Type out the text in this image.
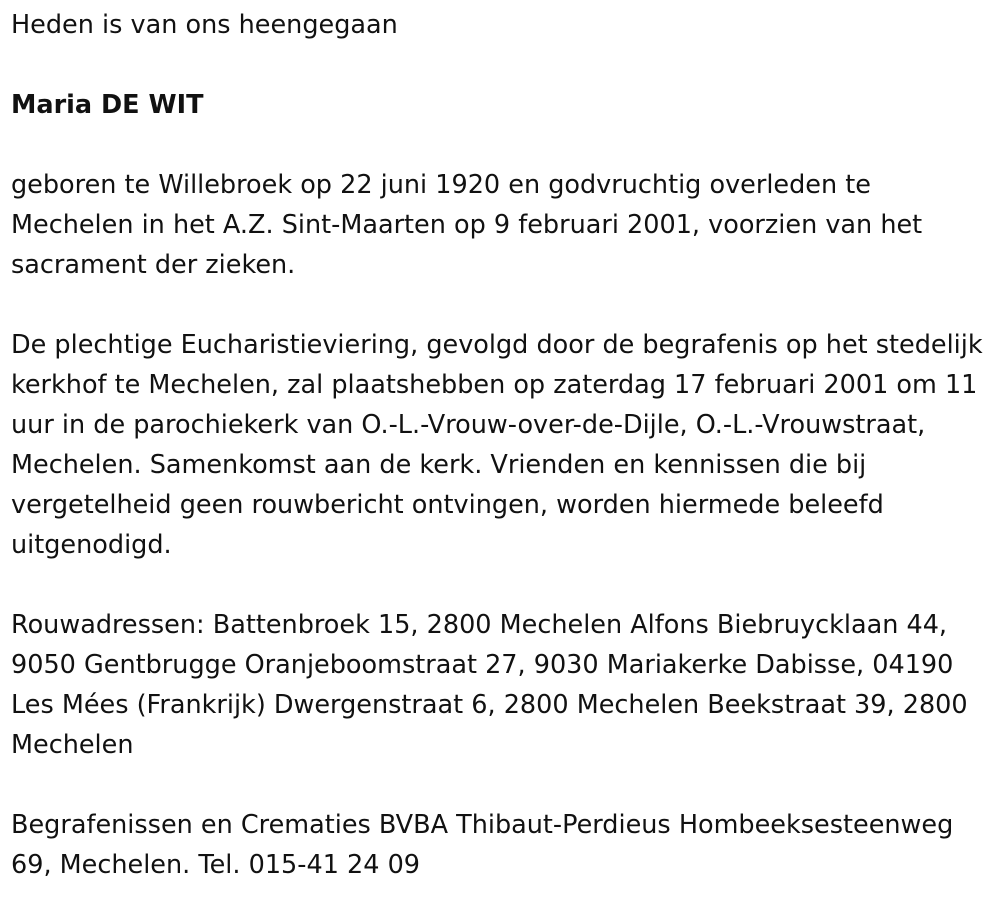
Heden is van ons heengegaan

Maria DE WIT

geboren te Willebroek op 22 juni 1920 en godvruchtig overleden te Mechelen in het A.Z. Sint-Maarten op 9 februari 2001, voorzien van het sacrament der zieken.

De plechtige Eucharistieviering, gevolgd door de begrafenis op het stedelijk kerkhof te Mechelen, zal plaatshebben op zaterdag 17 februari 2001 om 11 uur in de parochiekerk van O.-L.-Vrouw-over-de-Dijle, O.-L.-Vrouwstraat, Mechelen. Samenkomst aan de kerk. Vrienden en kennissen die bij vergetelheid geen rouwbericht ontvingen, worden hiermede beleefd uitgenodigd.

Rouwadressen: Battenbroek 15, 2800 Mechelen Alfons Biebruycklaan 44, 9050 Gentbrugge Oranjeboomstraat 27, 9030 Mariakerke Dabisse, 04190 Les Mées (Frankrijk) Dwergenstraat 6, 2800 Mechelen Beekstraat 39, 2800 Mechelen

Begrafenissen en Crematies BVBA Thibaut-Perdieus Hombeeksesteenweg 69, Mechelen. Tel. 015-41 24 09
